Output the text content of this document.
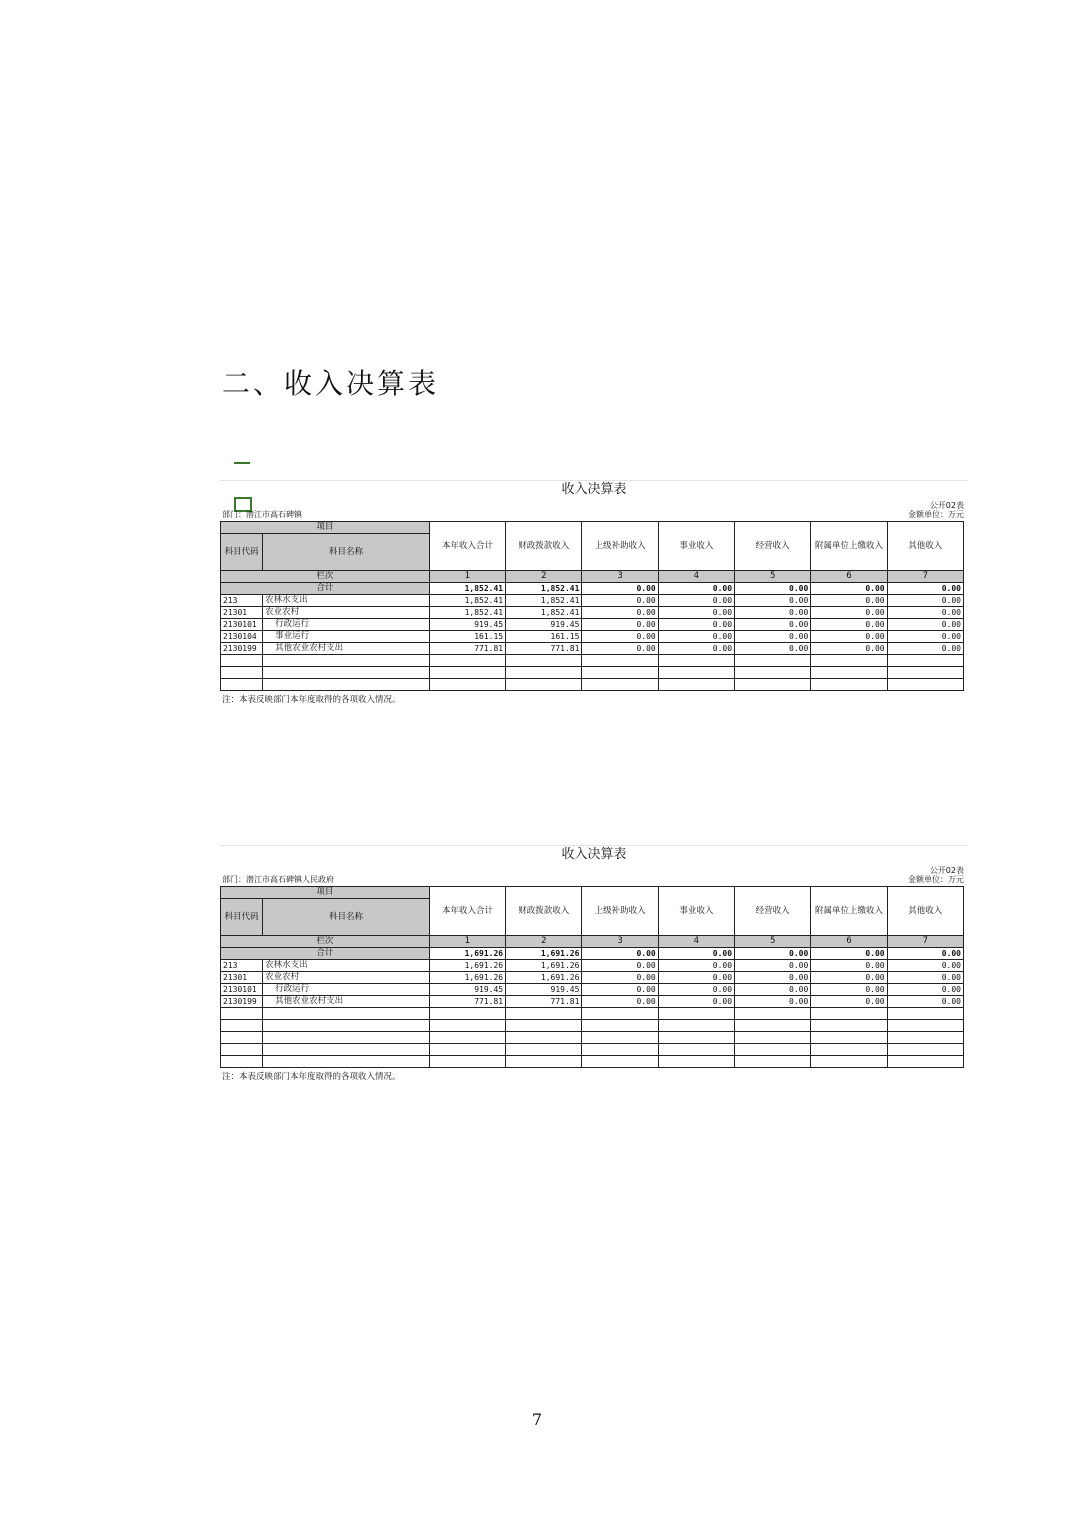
二、收入决算表
收入决算表
部门：潜江市高石碑镇
公开02表
金额单位：万元
项目		本年收入合计	财政拨款收入	上级补助收入	事业收入	经营收入	附属单位上缴收入	其他收入
科目代码	科目名称							
栏次		1	2	3	4	5	6	7
合计		1,852.41	1,852.41	0.00	0.00	0.00	0.00	0.00
213	农林水支出	1,852.41	1,852.41	0.00	0.00	0.00	0.00	0.00
21301	农业农村	1,852.41	1,852.41	0.00	0.00	0.00	0.00	0.00
2130101	行政运行	919.45	919.45	0.00	0.00	0.00	0.00	0.00
2130104	事业运行	161.15	161.15	0.00	0.00	0.00	0.00	0.00
2130199	其他农业农村支出	771.81	771.81	0.00	0.00	0.00	0.00	0.00

注：本表反映部门本年度取得的各项收入情况。
收入决算表
部门：潜江市高石碑镇人民政府
公开02表
金额单位：万元
项目		本年收入合计	财政拨款收入	上级补助收入	事业收入	经营收入	附属单位上缴收入	其他收入
科目代码	科目名称							
栏次		1	2	3	4	5	6	7
合计		1,691.26	1,691.26	0.00	0.00	0.00	0.00	0.00
213	农林水支出	1,691.26	1,691.26	0.00	0.00	0.00	0.00	0.00
21301	农业农村	1,691.26	1,691.26	0.00	0.00	0.00	0.00	0.00
2130101	行政运行	919.45	919.45	0.00	0.00	0.00	0.00	0.00
2130199	其他农业农村支出	771.81	771.81	0.00	0.00	0.00	0.00	0.00

注：本表反映部门本年度取得的各项收入情况。
7
